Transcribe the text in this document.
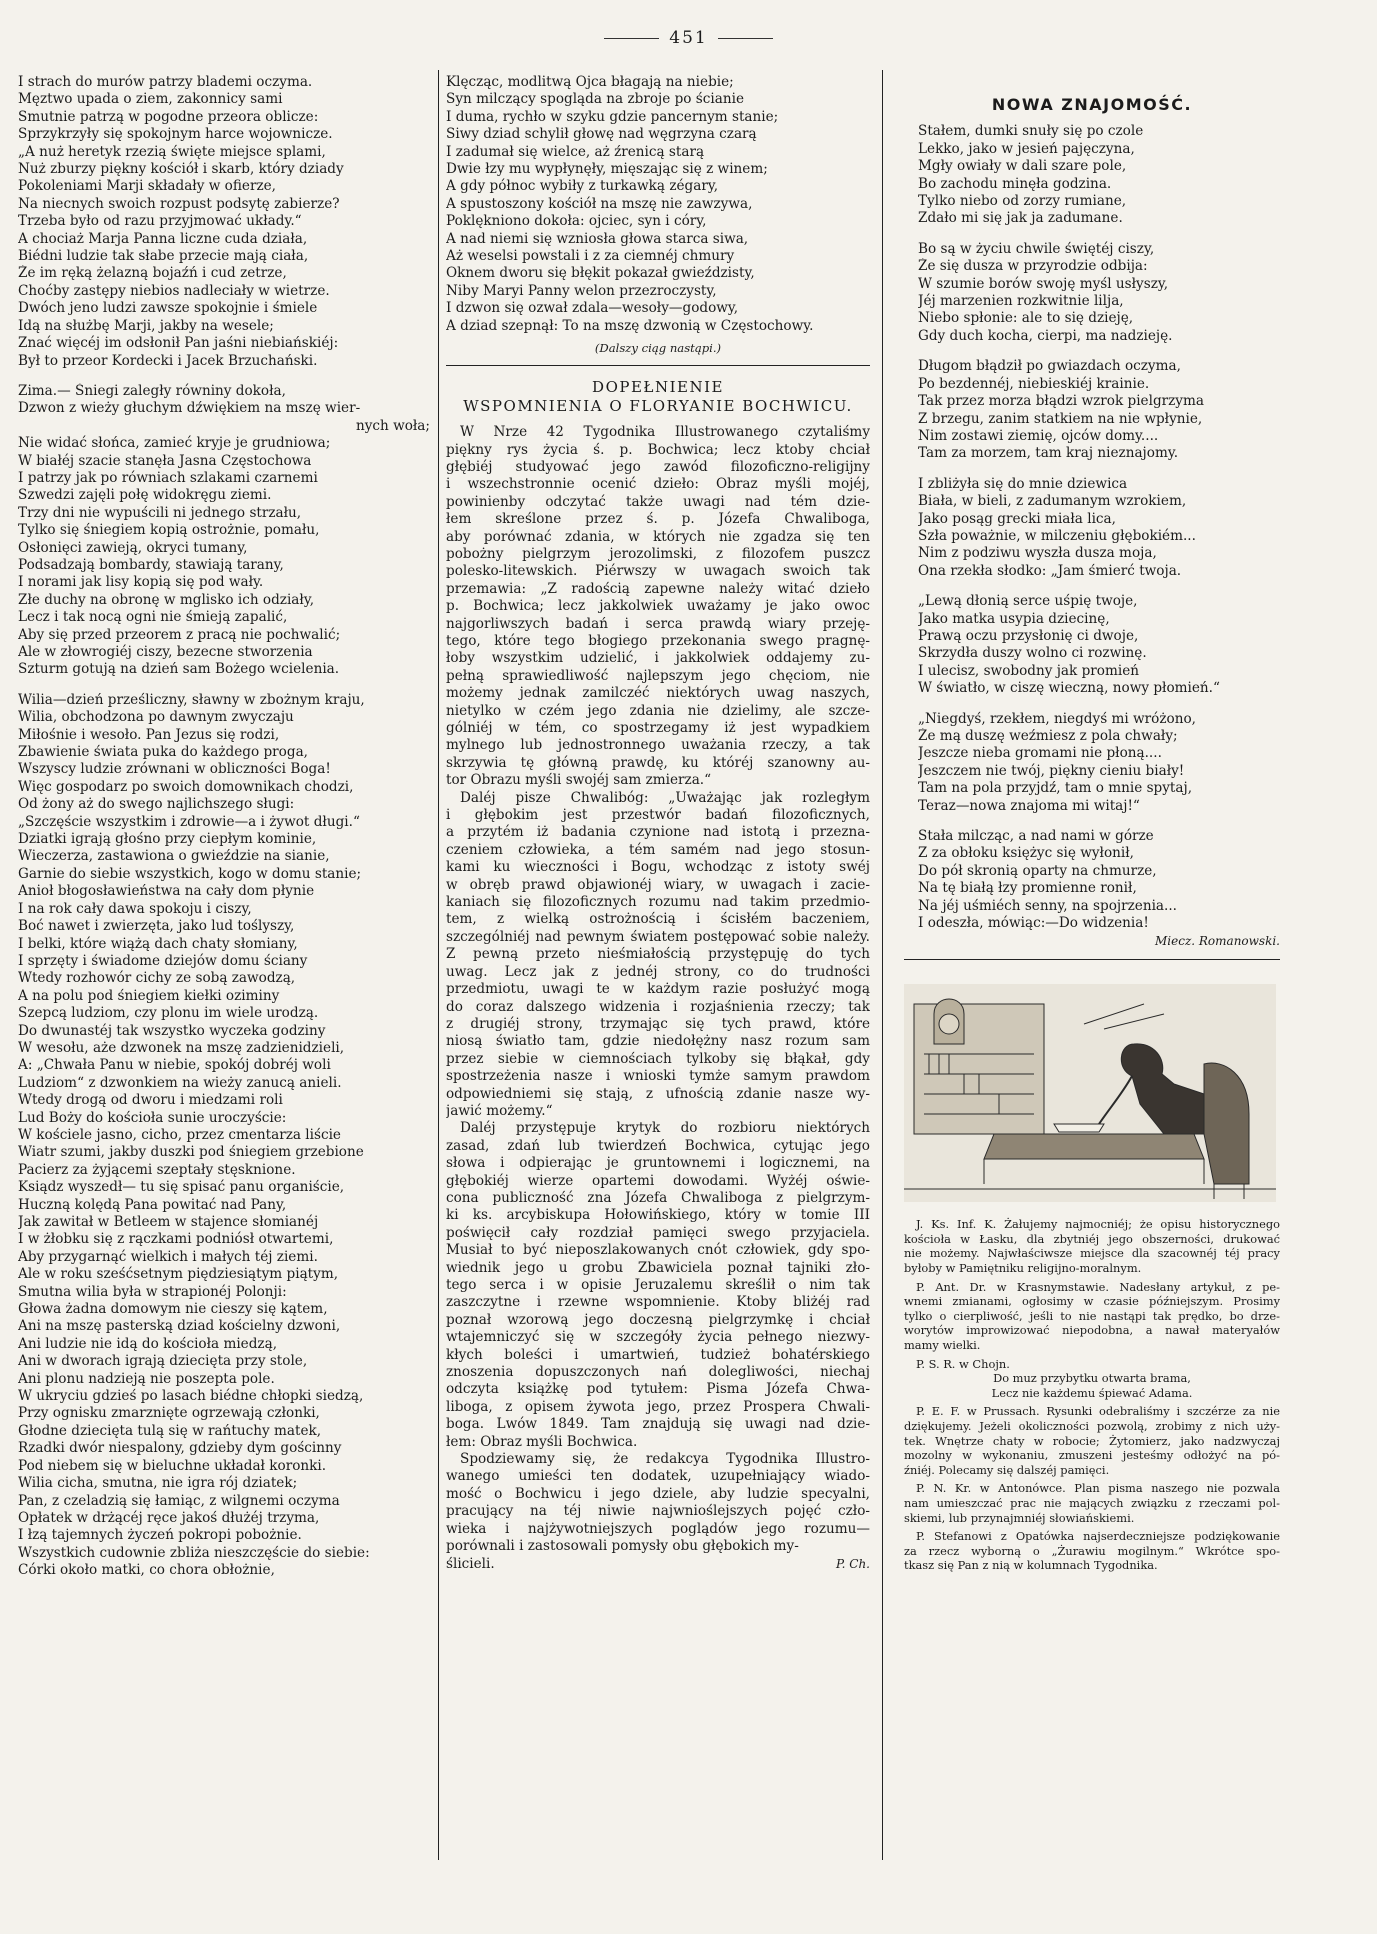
451
I strach do murów patrzy blademi oczyma.
Męztwo upada o ziem, zakonnicy sami
Smutnie patrzą w pogodne przeora oblicze:
Sprzykrzyły się spokojnym harce wojownicze.
„A nuż heretyk rzezią święte miejsce splami,
Nuż zburzy piękny kościół i skarb, który dziady
Pokoleniami Marji składały w ofierze,
Na niecnych swoich rozpust podsytę zabierze?
Trzeba było od razu przyjmować układy.“
A chociaż Marja Panna liczne cuda działa,
Biédni ludzie tak słabe przecie mają ciała,
Że im ręką żelazną bojaźń i cud zetrze,
Choćby zastępy niebios nadleciały w wietrze.
Dwóch jeno ludzi zawsze spokojnie i śmiele
Idą na służbę Marji, jakby na wesele;
Znać więcéj im odsłonił Pan jaśni niebiańskiéj:
Był to przeor Kordecki i Jacek Brzuchański.
Zima.— Śniegi zaległy równiny dokoła,
Dzwon z wieży głuchym dźwiękiem na mszę wier-
nych woła;
Nie widać słońca, zamieć kryje je grudniowa;
W białéj szacie stanęła Jasna Częstochowa
I patrzy jak po równiach szlakami czarnemi
Szwedzi zajęli połę widokręgu ziemi.
Trzy dni nie wypuścili ni jednego strzału,
Tylko się śniegiem kopią ostrożnie, pomału,
Osłonięci zawieją, okryci tumany,
Podsadzają bombardy, stawiają tarany,
I norami jak lisy kopią się pod wały.
Złe duchy na obronę w mglisko ich odziały,
Lecz i tak nocą ogni nie śmieją zapalić,
Aby się przed przeorem z pracą nie pochwalić;
Ale w złowrogiéj ciszy, bezecne stworzenia
Szturm gotują na dzień sam Bożego wcielenia.
Wilia—dzień prześliczny, sławny w zbożnym kraju,
Wilia, obchodzona po dawnym zwyczaju
Miłośnie i wesoło. Pan Jezus się rodzi,
Zbawienie świata puka do każdego proga,
Wszyscy ludzie zrównani w obliczności Boga!
Więc gospodarz po swoich domownikach chodzi,
Od żony aż do swego najlichszego sługi:
„Szczęście wszystkim i zdrowie—a i żywot długi.“
Dziatki igrają głośno przy ciepłym kominie,
Wieczerza, zastawiona o gwieździe na sianie,
Garnie do siebie wszystkich, kogo w domu stanie;
Anioł błogosławieństwa na cały dom płynie
I na rok cały dawa spokoju i ciszy,
Boć nawet i zwierzęta, jako lud toślyszy,
I belki, które wiążą dach chaty słomiany,
I sprzęty i świadome dziejów domu ściany
Wtedy rozhowór cichy ze sobą zawodzą,
A na polu pod śniegiem kiełki oziminy
Szepcą ludziom, czy plonu im wiele urodzą.
Do dwunastéj tak wszystko wyczeka godziny
W wesołu, aże dzwonek na mszę zadzienidzieli,
A: „Chwała Panu w niebie, spokój dobréj woli
Ludziom“ z dzwonkiem na wieży zanucą anieli.
Wtedy drogą od dworu i miedzami roli
Lud Boży do kościoła sunie uroczyście:
W kościele jasno, cicho, przez cmentarza liście
Wiatr szumi, jakby duszki pod śniegiem grzebione
Pacierz za żyjącemi szeptały stęsknione.
Ksiądz wyszedł— tu się spisać panu organiście,
Huczną kolędą Pana powitać nad Pany,
Jak zawitał w Betleem w stajence słomianéj
I w żłobku się z rączkami podniósł otwartemi,
Aby przygarnąć wielkich i małych téj ziemi.
Ale w roku sześćsetnym piędziesiątym piątym,
Smutna wilia była w strapionéj Polonji:
Głowa żadna domowym nie cieszy się kątem,
Ani na mszę pasterską dziad kościelny dzwoni,
Ani ludzie nie idą do kościoła miedzą,
Ani w dworach igrają dziecięta przy stole,
Ani plonu nadzieją nie poszepta pole.
W ukryciu gdzieś po lasach biédne chłopki siedzą,
Przy ognisku zmarznięte ogrzewają członki,
Głodne dziecięta tulą się w rańtuchy matek,
Rzadki dwór niespalony, gdzieby dym gościnny
Pod niebem się w bieluchne układał koronki.
Wilia cicha, smutna, nie igra rój dziatek;
Pan, z czeladzią się łamiąc, z wilgnemi oczyma
Opłatek w drżącéj ręce jakoś dłużéj trzyma,
I łzą tajemnych życzeń pokropi pobożnie.
Wszystkich cudownie zbliża nieszczęście do siebie:
Córki około matki, co chora obłożnie,
Klęcząc, modlitwą Ojca błagają na niebie;
Syn milczący spogląda na zbroje po ścianie
I duma, rychło w szyku gdzie pancernym stanie;
Siwy dziad schylił głowę nad węgrzyna czarą
I zadumał się wielce, aż źrenicą starą
Dwie łzy mu wypłynęły, mięszając się z winem;
A gdy północ wybiły z turkawką zégary,
A spustoszony kościół na mszę nie zawzywa,
Poklękniono dokoła: ojciec, syn i córy,
A nad niemi się wzniosła głowa starca siwa,
Aż weselsi powstali i z za ciemnéj chmury
Oknem dworu się błękit pokazał gwieździsty,
Niby Maryi Panny welon przezroczysty,
I dzwon się ozwał zdala—wesoły—godowy,
A dziad szepnął: To na mszę dzwonią w Częstochowy.
(Dalszy ciąg nastąpi.)
DOPEŁNIENIE
WSPOMNIENIA O FLORYANIE BOCHWICU.
W Nrze 42 Tygodnika Illustrowanego czytaliśmy
piękny rys życia ś. p. Bochwica; lecz ktoby chciał
głębiéj studyować jego zawód filozoficzno-religijny
i wszechstronnie ocenić dzieło: Obraz myśli mojéj,
powinienby odczytać także uwagi nad tém dzie-
łem skreślone przez ś. p. Józefa Chwaliboga,
aby porównać zdania, w których nie zgadza się ten
pobożny pielgrzym jerozolimski, z filozofem puszcz
polesko-litewskich. Piérwszy w uwagach swoich tak
przemawia: „Z radością zapewne należy witać dzieło
p. Bochwica; lecz jakkolwiek uważamy je jako owoc
najgorliwszych badań i serca prawdą wiary przeję-
tego, które tego błogiego przekonania swego pragnę-
łoby wszystkim udzielić, i jakkolwiek oddajemy zu-
pełną sprawiedliwość najlepszym jego chęciom, nie
możemy jednak zamilczéć niektórych uwag naszych,
nietylko w czém jego zdania nie dzielimy, ale szcze-
gólniéj w tém, co spostrzegamy iż jest wypadkiem
mylnego lub jednostronnego uważania rzeczy, a tak
skrzywia tę główną prawdę, ku któréj szanowny au-
tor Obrazu myśli swojéj sam zmierza.“
Daléj pisze Chwalibóg: „Uważając jak rozległym
i głębokim jest przestwór badań filozoficznych,
a przytém iż badania czynione nad istotą i przezna-
czeniem człowieka, a tém samém nad jego stosun-
kami ku wieczności i Bogu, wchodząc z istoty swéj
w obręb prawd objawionéj wiary, w uwagach i zacie-
kaniach się filozoficznych rozumu nad takim przedmio-
tem, z wielką ostrożnością i ścisłém baczeniem,
szczególniéj nad pewnym światem postępować sobie należy.
Z pewną przeto nieśmiałością przystępuję do tych
uwag. Lecz jak z jednéj strony, co do trudności
przedmiotu, uwagi te w każdym razie posłużyć mogą
do coraz dalszego widzenia i rozjaśnienia rzeczy; tak
z drugiéj strony, trzymając się tych prawd, które
niosą światło tam, gdzie niedołężny nasz rozum sam
przez siebie w ciemnościach tylkoby się błąkał, gdy
spostrzeżenia nasze i wnioski tymże samym prawdom
odpowiedniemi się stają, z ufnością zdanie nasze wy-
jawić możemy.“
Daléj przystępuje krytyk do rozbioru niektórych
zasad, zdań lub twierdzeń Bochwica, cytując jego
słowa i odpierając je gruntownemi i logicznemi, na
głębokiéj wierze opartemi dowodami. Wyżéj oświe-
cona publiczność zna Józefa Chwaliboga z pielgrzym-
ki ks. arcybiskupa Hołowińskiego, który w tomie III
poświęcił cały rozdział pamięci swego przyjaciela.
Musiał to być nieposzlakowanych cnót człowiek, gdy spo-
wiednik jego u grobu Zbawiciela poznał tajniki zło-
tego serca i w opisie Jeruzalemu skreślił o nim tak
zaszczytne i rzewne wspomnienie. Ktoby bliżéj rad
poznał wzorową jego doczesną pielgrzymkę i chciał
wtajemniczyć się w szczegóły życia pełnego niezwy-
kłych boleści i umartwień, tudzież bohatérskiego
znoszenia dopuszczonych nań dolegliwości, niechaj
odczyta książkę pod tytułem: Pisma Józefa Chwa-
liboga, z opisem żywota jego, przez Prospera Chwali-
boga. Lwów 1849. Tam znajdują się uwagi nad dzie-
łem: Obraz myśli Bochwica.
Spodziewamy się, że redakcya Tygodnika Illustro-
wanego umieści ten dodatek, uzupełniający wiado-
mość o Bochwicu i jego dziele, aby ludzie specyalni,
pracujący na téj niwie najwnioślejszych pojęć czło-
wieka i najżywotniejszych poglądów jego rozumu—
porównali i zastosowali pomysły obu głębokich my-
ślicieli.	P. Ch.
NOWA ZNAJOMOŚĆ.
Stałem, dumki snuły się po czole
Lekko, jako w jesień pajęczyna,
Mgły owiały w dali szare pole,
Bo zachodu minęła godzina.
Tylko niebo od zorzy rumiane,
Zdało mi się jak ja zadumane.
Bo są w życiu chwile świętéj ciszy,
Że się dusza w przyrodzie odbija:
W szumie borów swoję myśl usłyszy,
Jéj marzenien rozkwitnie lilja,
Niebo spłonie: ale to się dzieję,
Gdy duch kocha, cierpi, ma nadzieję.
Długom błądził po gwiazdach oczyma,
Po bezdennéj, niebieskiéj krainie.
Tak przez morza błądzi wzrok pielgrzyma
Z brzegu, zanim statkiem na nie wpłynie,
Nim zostawi ziemię, ojców domy....
Tam za morzem, tam kraj nieznajomy.
I zbliżyła się do mnie dziewica
Biała, w bieli, z zadumanym wzrokiem,
Jako posąg grecki miała lica,
Szła poważnie, w milczeniu głębokiém...
Nim z podziwu wyszła dusza moja,
Ona rzekła słodko: „Jam śmierć twoja.
„Lewą dłonią serce uśpię twoje,
Jako matka usypia dziecinę,
Prawą oczu przysłonię ci dwoje,
Skrzydła duszy wolno ci rozwinę.
I ulecisz, swobodny jak promień
W światło, w ciszę wieczną, nowy płomień.“
„Niegdyś, rzekłem, niegdyś mi wróżono,
Że mą duszę weźmiesz z pola chwały;
Jeszcze nieba gromami nie płoną....
Jeszczem nie twój, piękny cieniu biały!
Tam na pola przyjdź, tam o mnie spytaj,
Teraz—nowa znajoma mi witaj!“
Stała milcząc, a nad nami w górze
Z za obłoku księżyc się wyłonił,
Do pół skronią oparty na chmurze,
Na tę białą łzy promienne ronił,
Na jéj uśmiéch senny, na spojrzenia...
I odeszła, mówiąc:—Do widzenia!
Miecz. Romanowski.
J. Ks. Inf. K. Żałujemy najmocniéj; że opisu historycznego
kościoła w Łasku, dla zbytniéj jego obszerności, drukować
nie możemy. Najwłaściwsze miejsce dla szacownéj téj pracy
byłoby w Pamiętniku religijno-moralnym.
P. Ant. Dr. w Krasnymstawie. Nadesłany artykuł, z pe-
wnemi zmianami, ogłosimy w czasie późniejszym. Prosimy
tylko o cierpliwość, jeśli to nie nastąpi tak prędko, bo drze-
worytów improwizować niepodobna, a nawał materyałów
mamy wielki.
P. S. R. w Chojn.
Do muz przybytku otwarta brama,
Lecz nie każdemu śpiewać Adama.
P. E. F. w Prussach. Rysunki odebraliśmy i szczérze za nie
dziękujemy. Jeżeli okoliczności pozwolą, zrobimy z nich uży-
tek. Wnętrze chaty w robocie; Żytomierz, jako nadzwyczaj
mozolny w wykonaniu, zmuszeni jesteśmy odłożyć na pó-
źniéj. Polecamy się dalszéj pamięci.
P. N. Kr. w Antonówce. Plan pisma naszego nie pozwala
nam umieszczać prac nie mających związku z rzeczami pol-
skiemi, lub przynajmniéj słowiańskiemi.
P. Stefanowi z Opatówka najserdeczniejsze podziękowanie
za rzecz wyborną o „Żurawiu mogilnym.“ Wkrótce spo-
tkasz się Pan z nią w kolumnach Tygodnika.
